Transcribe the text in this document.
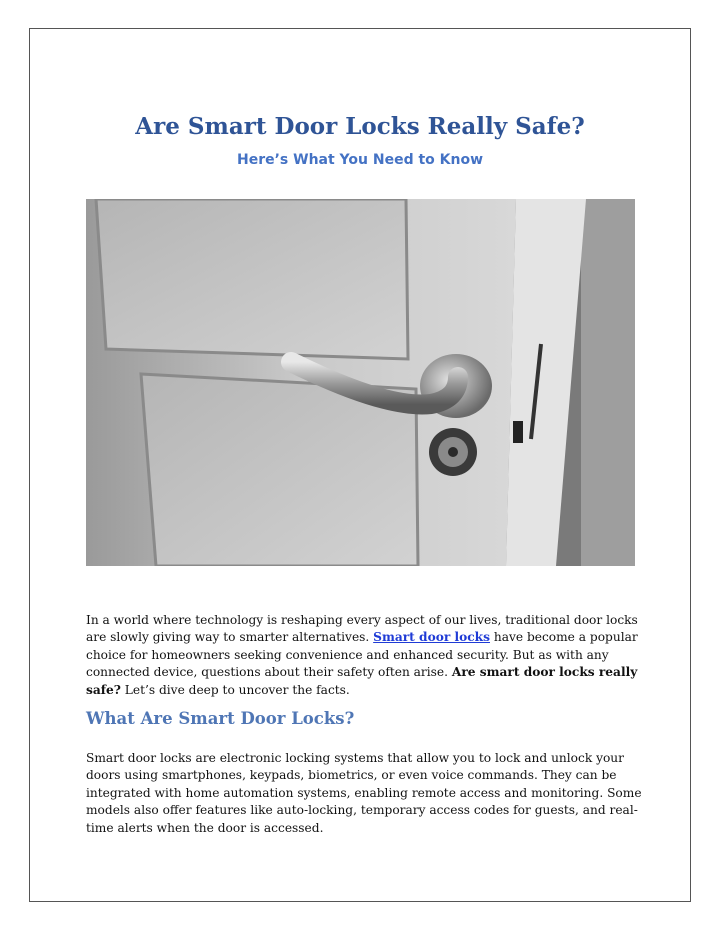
Are Smart Door Locks Really Safe?
Here’s What You Need to Know

In a world where technology is reshaping every aspect of our lives, traditional door locks are slowly giving way to smarter alternatives. Smart door locks have become a popular choice for homeowners seeking convenience and enhanced security. But as with any connected device, questions about their safety often arise. Are smart door locks really safe? Let’s dive deep to uncover the facts.

What Are Smart Door Locks?

Smart door locks are electronic locking systems that allow you to lock and unlock your doors using smartphones, keypads, biometrics, or even voice commands. They can be integrated with home automation systems, enabling remote access and monitoring. Some models also offer features like auto-locking, temporary access codes for guests, and real-time alerts when the door is accessed.
